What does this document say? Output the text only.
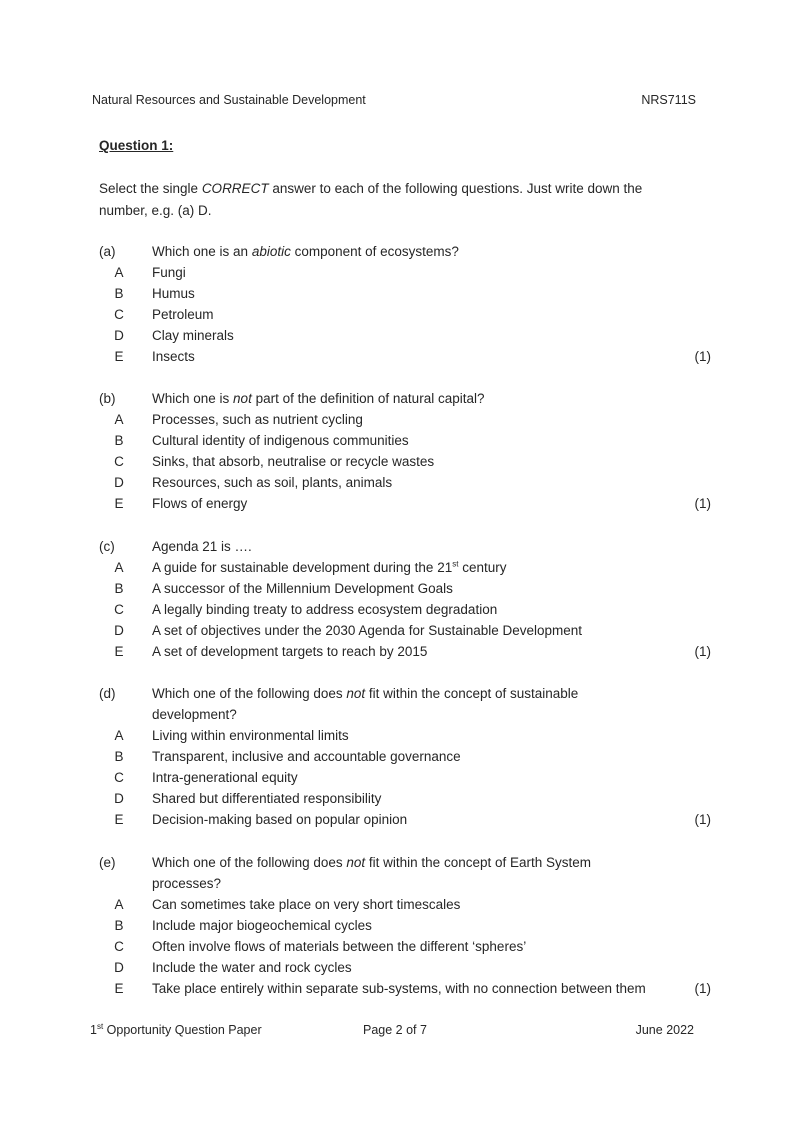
Natural Resources and Sustainable Development	NRS711S
Question 1:
Select the single CORRECT answer to each of the following questions. Just write down the number, e.g. (a) D.
(a)	Which one is an abiotic component of ecosystems?
A Fungi
B Humus
C Petroleum
D Clay minerals
E Insects	(1)
(b)	Which one is not part of the definition of natural capital?
A Processes, such as nutrient cycling
B Cultural identity of indigenous communities
C Sinks, that absorb, neutralise or recycle wastes
D Resources, such as soil, plants, animals
E Flows of energy	(1)
(c)	Agenda 21 is ….
A A guide for sustainable development during the 21st century
B A successor of the Millennium Development Goals
C A legally binding treaty to address ecosystem degradation
D A set of objectives under the 2030 Agenda for Sustainable Development
E A set of development targets to reach by 2015	(1)
(d)	Which one of the following does not fit within the concept of sustainable development?
A Living within environmental limits
B Transparent, inclusive and accountable governance
C Intra-generational equity
D Shared but differentiated responsibility
E Decision-making based on popular opinion	(1)
(e)	Which one of the following does not fit within the concept of Earth System processes?
A Can sometimes take place on very short timescales
B Include major biogeochemical cycles
C Often involve flows of materials between the different ‘spheres’
D Include the water and rock cycles
E Take place entirely within separate sub-systems, with no connection between them	(1)
1st Opportunity Question Paper	Page 2 of 7	June 2022
